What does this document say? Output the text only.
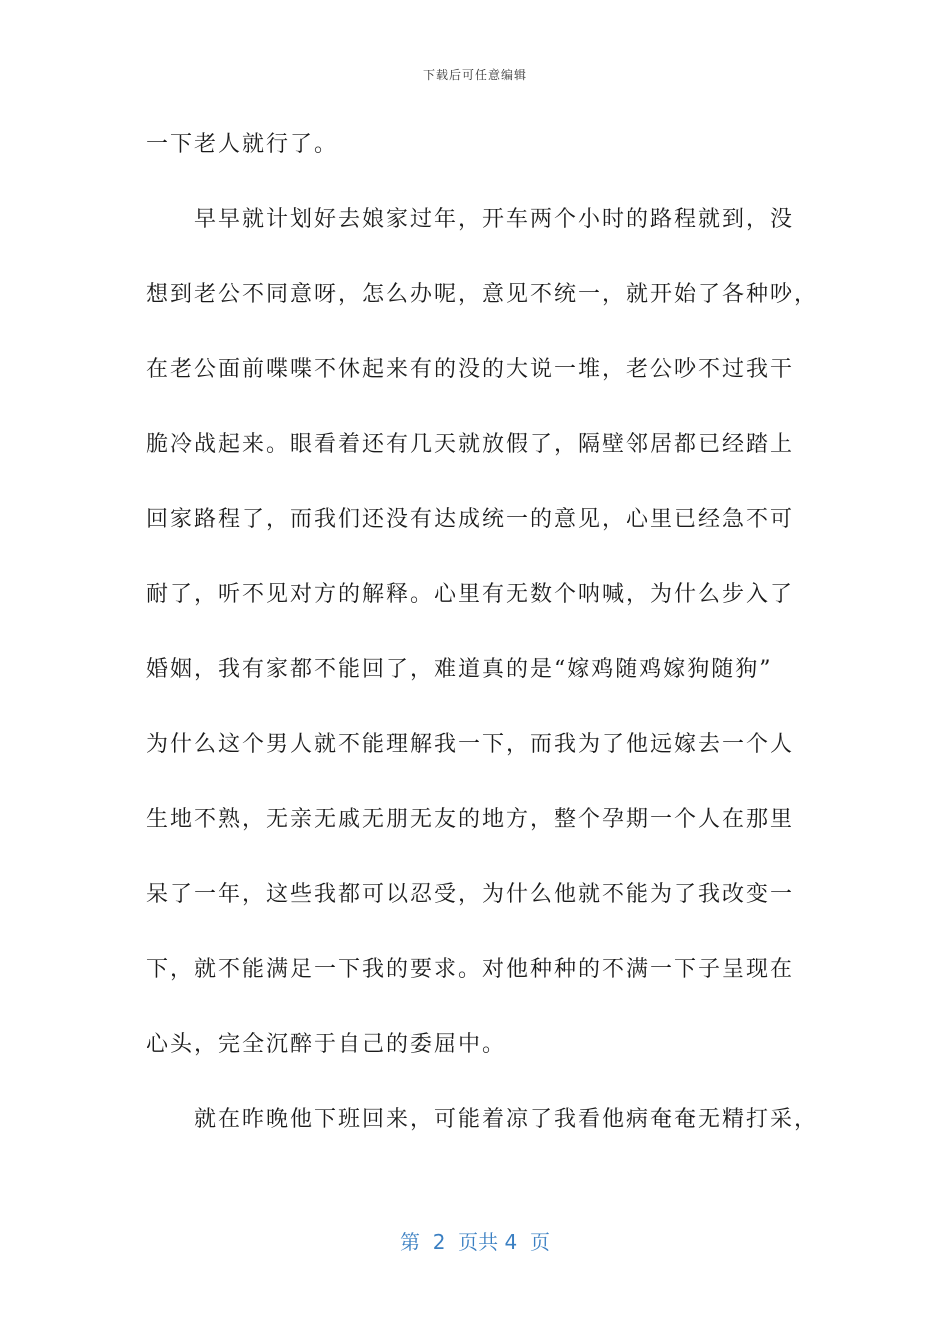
下载后可任意编辑
一下老人就行了。
早早就计划好去娘家过年，开车两个小时的路程就到，没
想到老公不同意呀，怎么办呢，意见不统一，就开始了各种吵，
在老公面前喋喋不休起来有的没的大说一堆，老公吵不过我干
脆冷战起来。眼看着还有几天就放假了，隔壁邻居都已经踏上
回家路程了，而我们还没有达成统一的意见，心里已经急不可
耐了，听不见对方的解释。心里有无数个呐喊，为什么步入了
婚姻，我有家都不能回了，难道真的是“嫁鸡随鸡嫁狗随狗”
为什么这个男人就不能理解我一下，而我为了他远嫁去一个人
生地不熟，无亲无戚无朋无友的地方，整个孕期一个人在那里
呆了一年，这些我都可以忍受，为什么他就不能为了我改变一
下，就不能满足一下我的要求。对他种种的不满一下子呈现在
心头，完全沉醉于自己的委屈中。
就在昨晚他下班回来，可能着凉了我看他病奄奄无精打采，
第  2  页共 4  页
